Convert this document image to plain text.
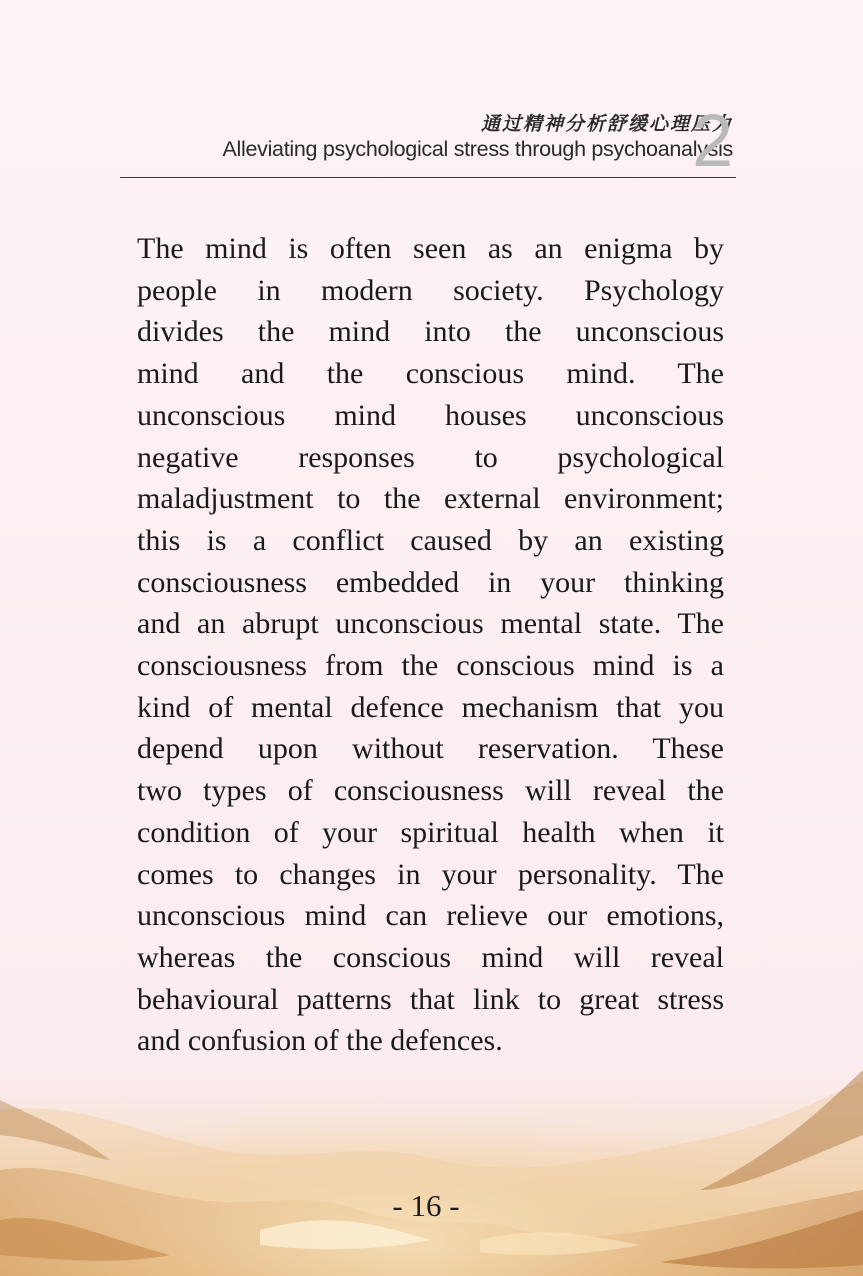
通过精神分析舒缓心理压力
Alleviating psychological stress through psychoanalysis
2
The mind is often seen as an enigma by
people in modern society. Psychology
divides the mind into the unconscious
mind and the conscious mind. The
unconscious mind houses unconscious
negative responses to psychological
maladjustment to the external environment;
this is a conflict caused by an existing
consciousness embedded in your thinking
and an abrupt unconscious mental state. The
consciousness from the conscious mind is a
kind of mental defence mechanism that you
depend upon without reservation. These
two types of consciousness will reveal the
condition of your spiritual health when it
comes to changes in your personality. The
unconscious mind can relieve our emotions,
whereas the conscious mind will reveal
behavioural patterns that link to great stress
and confusion of the defences.
- 16 -
